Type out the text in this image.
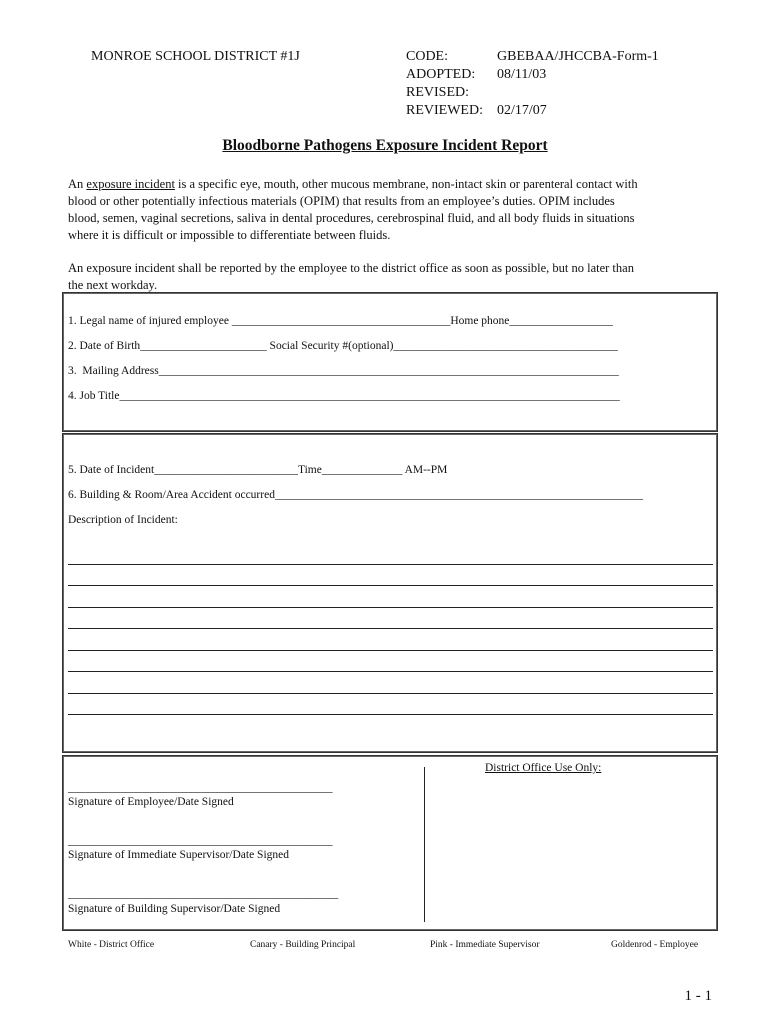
MONROE SCHOOL DISTRICT #1J	CODE:	GBEBAA/JHCCBA-Form-1
ADOPTED: 08/11/03
REVISED:
REVIEWED: 02/17/07
Bloodborne Pathogens Exposure Incident Report
An exposure incident is a specific eye, mouth, other mucous membrane, non-intact skin or parenteral contact with
blood or other potentially infectious materials (OPIM) that results from an employee’s duties. OPIM includes
blood, semen, vaginal secretions, saliva in dental procedures, cerebrospinal fluid, and all body fluids in situations
where it is difficult or impossible to differentiate between fluids.
An exposure incident shall be reported by the employee to the district office as soon as possible, but no later than
the next workday.
1. Legal name of injured employee ______________________________________Home phone__________________
2. Date of Birth______________________ Social Security #(optional)_______________________________________
3.  Mailing Address________________________________________________________________________________
4. Job Title_______________________________________________________________________________________
5. Date of Incident_________________________Time______________ AM--PM
6. Building & Room/Area Accident occurred________________________________________________________________
Description of Incident:
______________________________________________
Signature of Employee/Date Signed
______________________________________________
Signature of Immediate Supervisor/Date Signed
_______________________________________________
Signature of Building Supervisor/Date Signed
District Office Use Only:
White - District Office	Canary - Building Principal	Pink - Immediate Supervisor	Goldenrod - Employee
1 - 1
